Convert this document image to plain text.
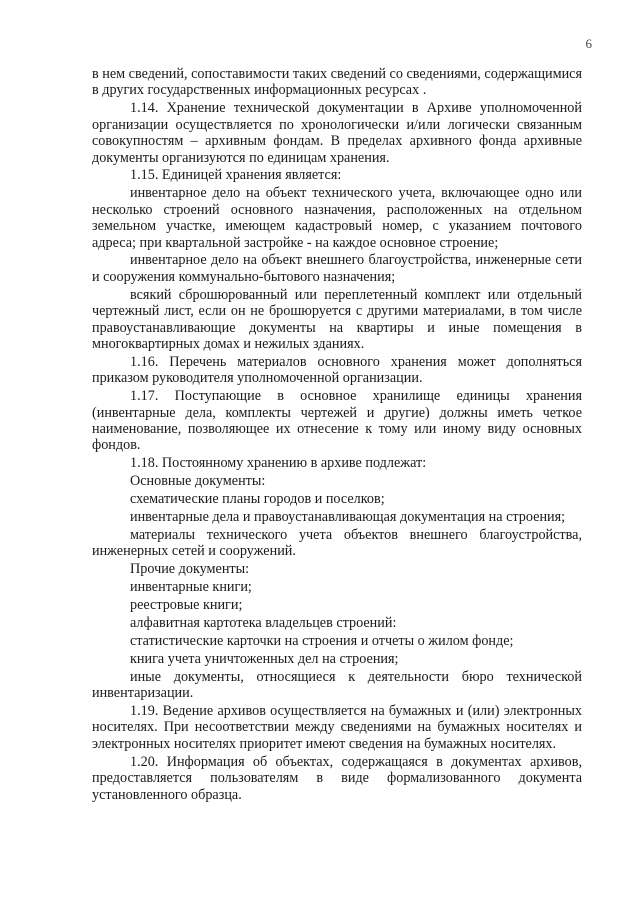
6

в нем сведений, сопоставимости таких сведений со сведениями, содержащимися в других государственных информационных ресурсах .

1.14. Хранение технической документации в Архиве уполномоченной организации осуществляется по хронологически и/или логически связанным совокупностям – архивным фондам. В пределах архивного фонда архивные документы организуются по единицам хранения.

1.15. Единицей хранения является:

инвентарное дело на объект технического учета, включающее одно или несколько строений основного назначения, расположенных на отдельном земельном участке, имеющем кадастровый номер, с указанием почтового адреса; при квартальной застройке - на каждое основное строение;

инвентарное дело на объект внешнего благоустройства, инженерные сети и сооружения коммунально-бытового назначения;

всякий сброшюрованный или переплетенный комплект или отдельный чертежный лист, если он не брошюруется с другими материалами, в том числе правоустанавливающие документы на квартиры и иные помещения в многоквартирных домах и нежилых зданиях.

1.16. Перечень материалов основного хранения может дополняться приказом руководителя уполномоченной организации.

1.17. Поступающие в основное хранилище единицы хранения (инвентарные дела, комплекты чертежей и другие) должны иметь четкое наименование, позволяющее их отнесение к тому или иному виду основных фондов.

1.18. Постоянному хранению в архиве подлежат:

Основные документы:

схематические планы городов и поселков;

инвентарные дела и правоустанавливающая документация на строения;

материалы технического учета объектов внешнего благоустройства, инженерных сетей и сооружений.

Прочие документы:

инвентарные книги;

реестровые книги;

алфавитная картотека владельцев строений:

статистические карточки на строения и отчеты о жилом фонде;

книга учета уничтоженных дел на строения;

иные документы, относящиеся к деятельности бюро технической инвентаризации.

1.19. Ведение архивов осуществляется на бумажных и (или) электронных носителях. При несоответствии между сведениями на бумажных носителях и электронных носителях приоритет имеют сведения на бумажных носителях.

1.20. Информация об объектах, содержащаяся в документах архивов, предоставляется пользователям в виде формализованного документа установленного образца.
